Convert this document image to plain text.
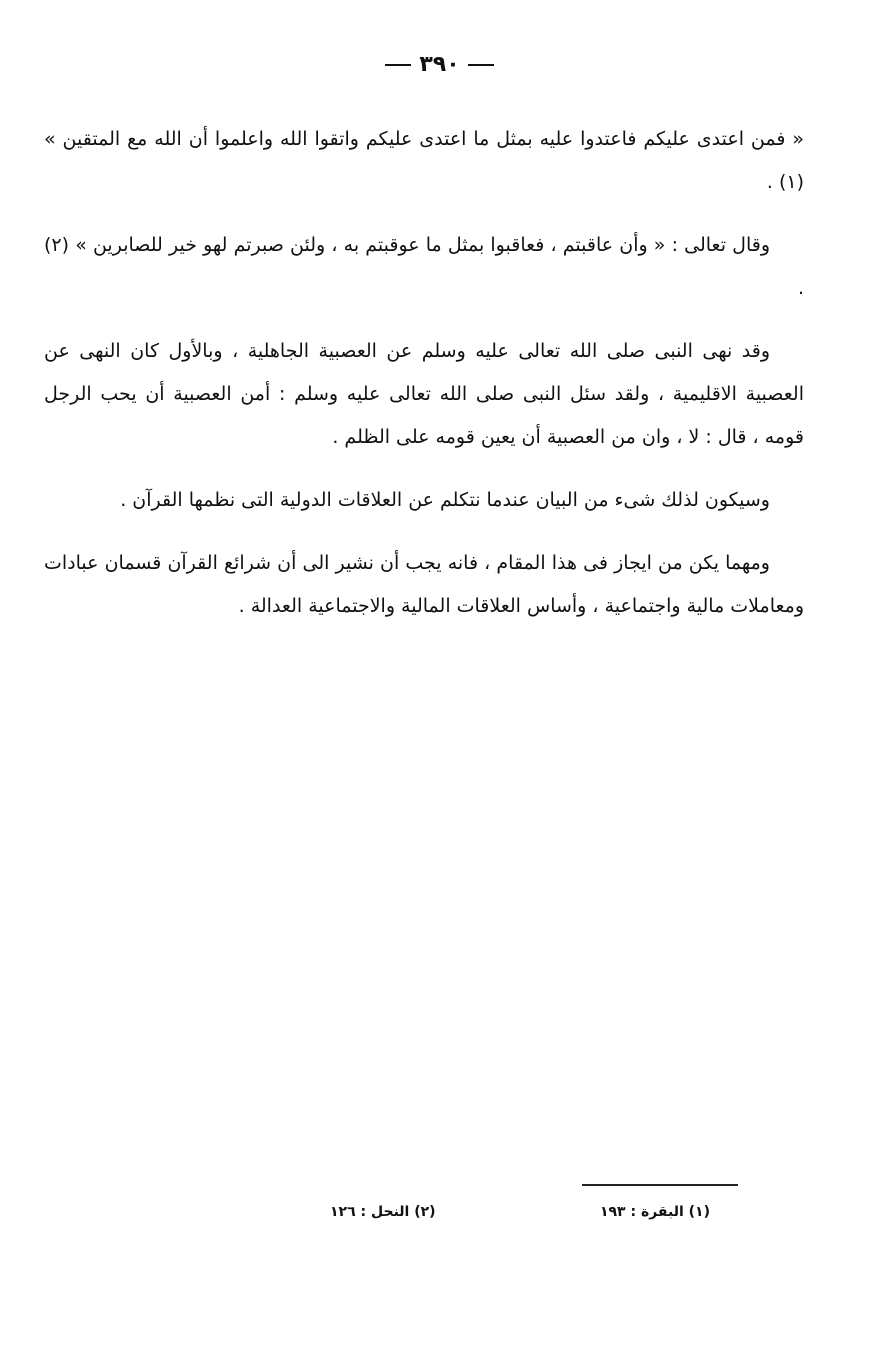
٣٩٠

« فمن اعتدى عليكم فاعتدوا عليه بمثل ما اعتدى عليكم واتقوا الله واعلموا أن الله مع المتقين » (١) .

وقال تعالى : « وأن عاقبتم ، فعاقبوا بمثل ما عوقبتم به ، ولئن صبرتم لهو خير للصابرين » (٢) .

وقد نهى النبى صلى الله تعالى عليه وسلم عن العصبية الجاهلية ، وبالأول كان النهى عن العصبية الاقليمية ، ولقد سئل النبى صلى الله تعالى عليه وسلم : أمن العصبية أن يحب الرجل قومه ، قال : لا ، وان من العصبية أن يعين قومه على الظلم .

وسيكون لذلك شىء من البيان عندما نتكلم عن العلاقات الدولية التى نظمها القرآن .

ومهما يكن من ايجاز فى هذا المقام ، فانه يجب أن نشير الى أن شرائع القرآن قسمان عبادات ومعاملات مالية واجتماعية ، وأساس العلاقات المالية والاجتماعية العدالة .

(١) البقرة : ١٩٣
(٢) النحل : ١٢٦
